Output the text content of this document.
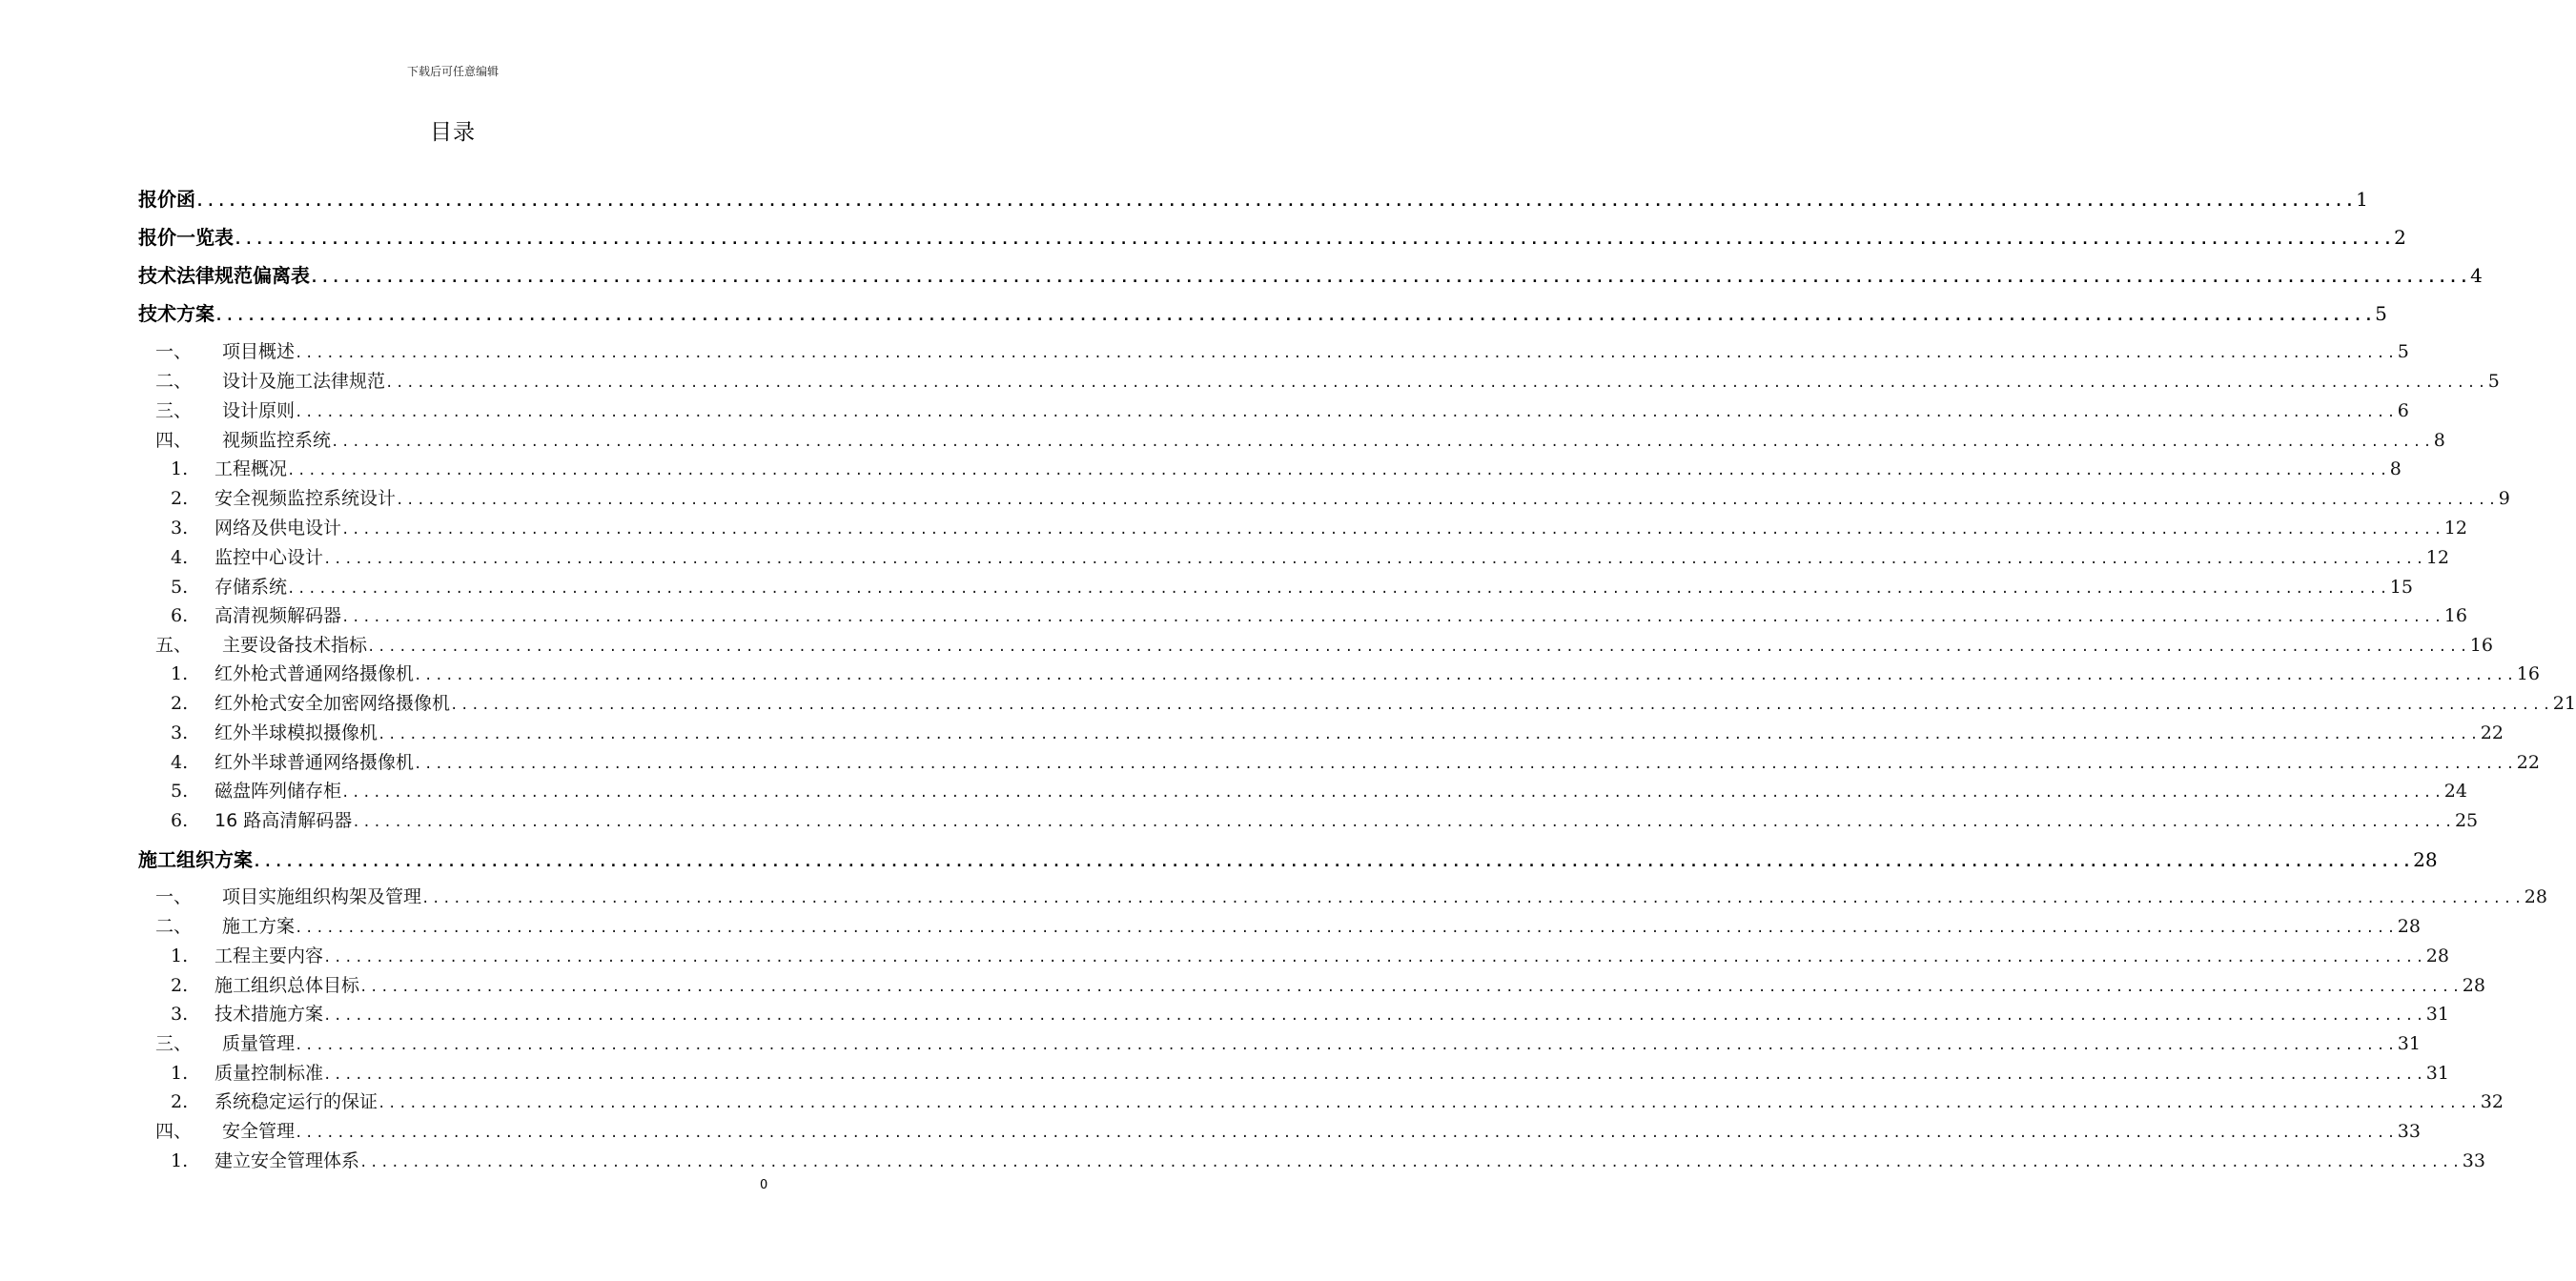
下载后可任意编辑
目录
报价函 ........................................................................................................................................................................................................ 1
报价一览表 ........................................................................................................................................................................................................ 2
技术法律规范偏离表 ........................................................................................................................................................................................................ 4
技术方案 ........................................................................................................................................................................................................ 5
一、	项目概述 ........................................................................................................................................................................................................ 5
二、	设计及施工法律规范 ........................................................................................................................................................................................................ 5
三、	设计原则 ........................................................................................................................................................................................................ 6
四、	视频监控系统 ........................................................................................................................................................................................................ 8
1.	工程概况 ........................................................................................................................................................................................................ 8
2.	安全视频监控系统设计 ........................................................................................................................................................................................................ 9
3.	网络及供电设计 ........................................................................................................................................................................................................ 12
4.	监控中心设计 ........................................................................................................................................................................................................ 12
5.	存储系统 ........................................................................................................................................................................................................ 15
6.	高清视频解码器 ........................................................................................................................................................................................................ 16
五、	主要设备技术指标 ........................................................................................................................................................................................................ 16
1.	红外枪式普通网络摄像机 ........................................................................................................................................................................................................ 16
2.	红外枪式安全加密网络摄像机 ........................................................................................................................................................................................................ 21
3.	红外半球模拟摄像机 ........................................................................................................................................................................................................ 22
4.	红外半球普通网络摄像机 ........................................................................................................................................................................................................ 22
5.	磁盘阵列储存柜 ........................................................................................................................................................................................................ 24
6.	16 路高清解码器 ........................................................................................................................................................................................................ 25
施工组织方案 ........................................................................................................................................................................................................ 28
一、	项目实施组织构架及管理 ........................................................................................................................................................................................................ 28
二、	施工方案 ........................................................................................................................................................................................................ 28
1.	工程主要内容 ........................................................................................................................................................................................................ 28
2.	施工组织总体目标 ........................................................................................................................................................................................................ 28
3.	技术措施方案 ........................................................................................................................................................................................................ 31
三、	质量管理 ........................................................................................................................................................................................................ 31
1.	质量控制标准 ........................................................................................................................................................................................................ 31
2.	系统稳定运行的保证 ........................................................................................................................................................................................................ 32
四、	安全管理 ........................................................................................................................................................................................................ 33
1.	建立安全管理体系 ........................................................................................................................................................................................................ 33
0
